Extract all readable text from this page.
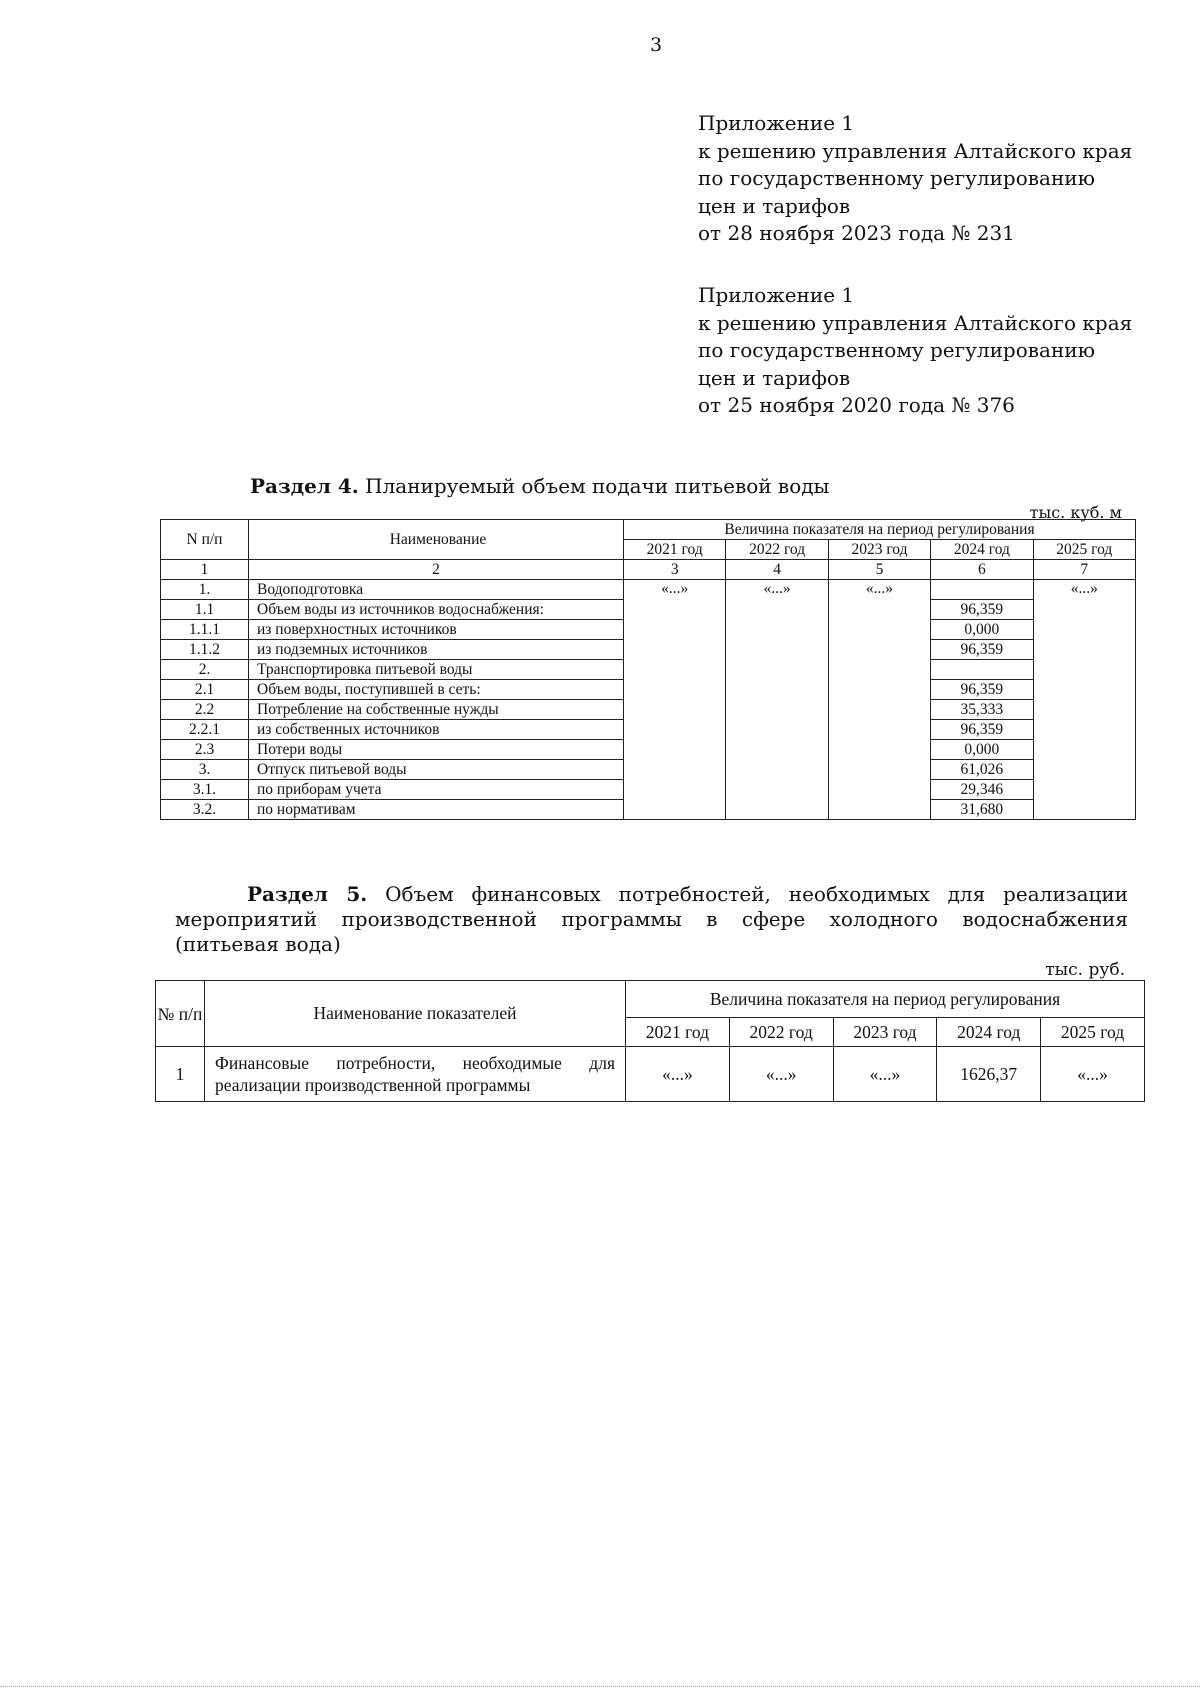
3
Приложение 1
к решению управления Алтайского края
по государственному регулированию
цен и тарифов
от 28 ноября 2023 года № 231
Приложение 1
к решению управления Алтайского края
по государственному регулированию
цен и тарифов
от 25 ноября 2020 года № 376
Раздел 4. Планируемый объем подачи питьевой воды
тыс. куб. м
N п/п	Наименование	Величина показателя на период регулирования				
		2021 год	2022 год	2023 год	2024 год	2025 год
1	2	3	4	5	6	7
1.	Водоподготовка	«...»	«...»	«...»		«...»
1.1	Объем воды из источников водоснабжения:				96,359	
1.1.1	из поверхностных источников				0,000	
1.1.2	из подземных источников				96,359	
2.	Транспортировка питьевой воды					
2.1	Объем воды, поступившей в сеть:				96,359	
2.2	Потребление на собственные нужды				35,333	
2.2.1	из собственных источников				96,359	
2.3	Потери воды				0,000	
3.	Отпуск питьевой воды				61,026	
3.1.	по приборам учета				29,346	
3.2.	по нормативам				31,680	
Раздел 5. Объем финансовых потребностей, необходимых для реализации мероприятий производственной программы в сфере холодного водоснабжения (питьевая вода)
тыс. руб.
№ п/п	Наименование показателей	Величина показателя на период регулирования				
		2021 год	2022 год	2023 год	2024 год	2025 год
1	Финансовые потребности, необходимые для реализации производственной программы	«...»	«...»	«...»	1626,37	«...»
